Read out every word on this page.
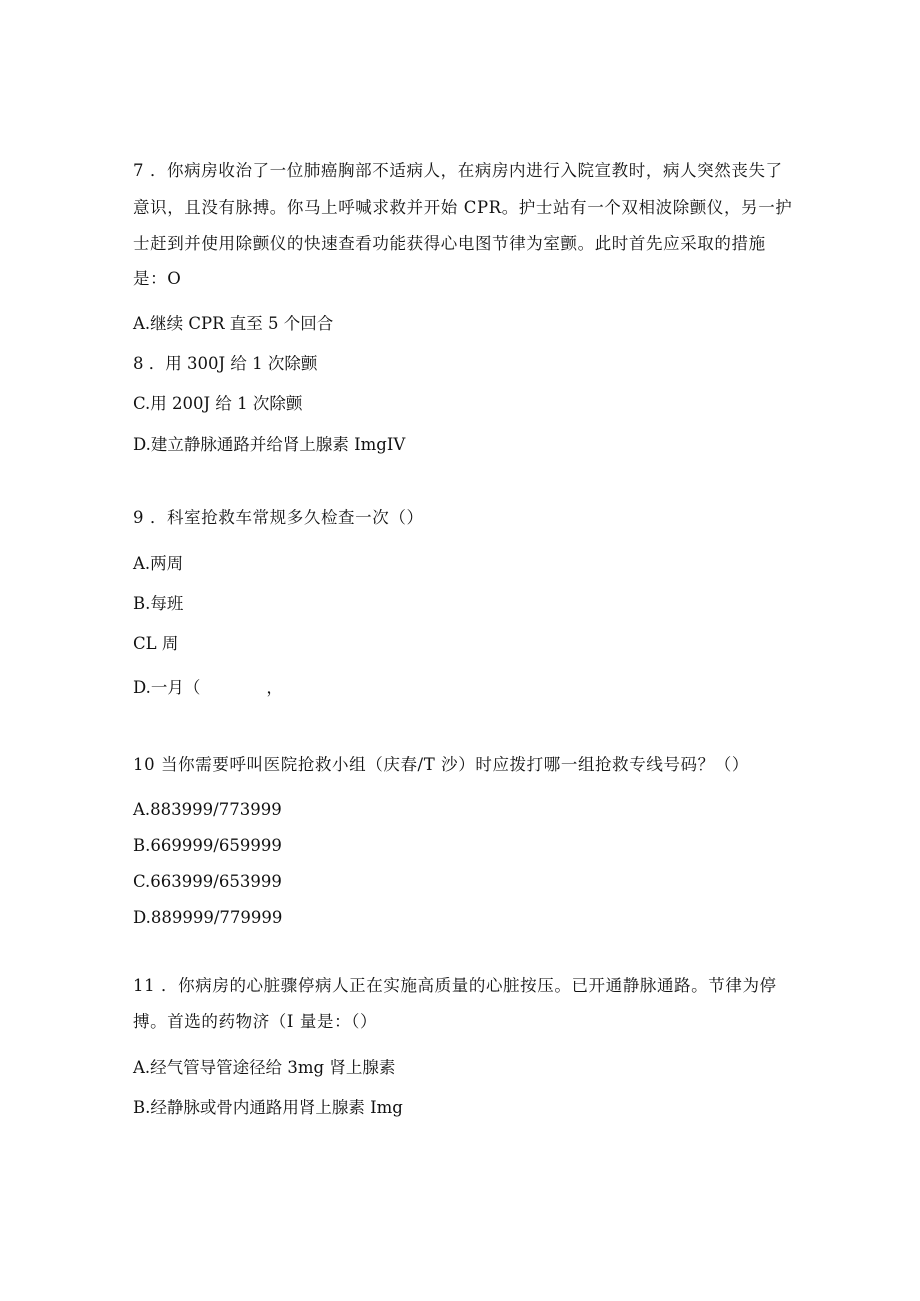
7 ．你病房收治了一位肺癌胸部不适病人，在病房内进行入院宣教时，病人突然丧失了
意识，且没有脉搏。你马上呼喊求救并开始 CPR。护士站有一个双相波除颤仪，另一护
士赶到并使用除颤仪的快速查看功能获得心电图节律为室颤。此时首先应采取的措施
是：O
A.继续 CPR 直至 5 个回合
8 ．用 300J 给 1 次除颤
C.用 200J 给 1 次除颤
D.建立静脉通路并给肾上腺素 ImgIV
9 ．科室抢救车常规多久检查一次（）
A.两周
B.每班
CL 周
D.一月（　　　　，
10 当你需要呼叫医院抢救小组（庆春/T 沙）时应拨打哪一组抢救专线号码？（）
A.883999/773999
B.669999/659999
C.663999/653999
D.889999/779999
11 ．你病房的心脏骤停病人正在实施高质量的心脏按压。已开通静脉通路。节律为停
搏。首选的药物济（I 量是：（）
A.经气管导管途径给 3mg 肾上腺素
B.经静脉或骨内通路用肾上腺素 Img
